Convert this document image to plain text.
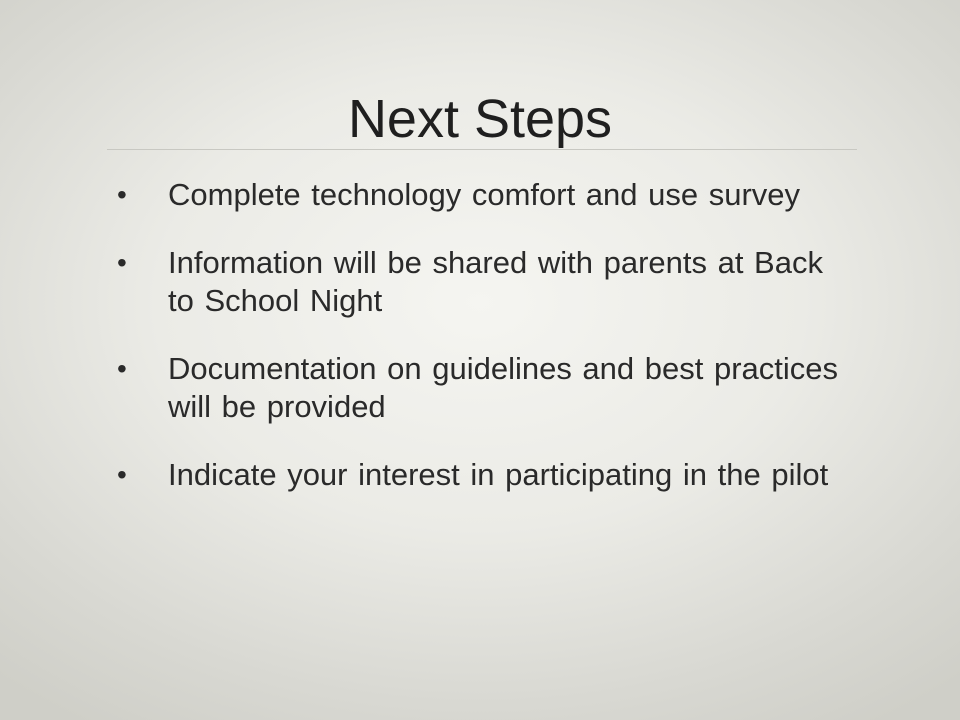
Next Steps
•	Complete technology comfort and use survey
•	Information will be shared with parents at Back to School Night
•	Documentation on guidelines and best practices will be provided
•	Indicate your interest in participating in the pilot
